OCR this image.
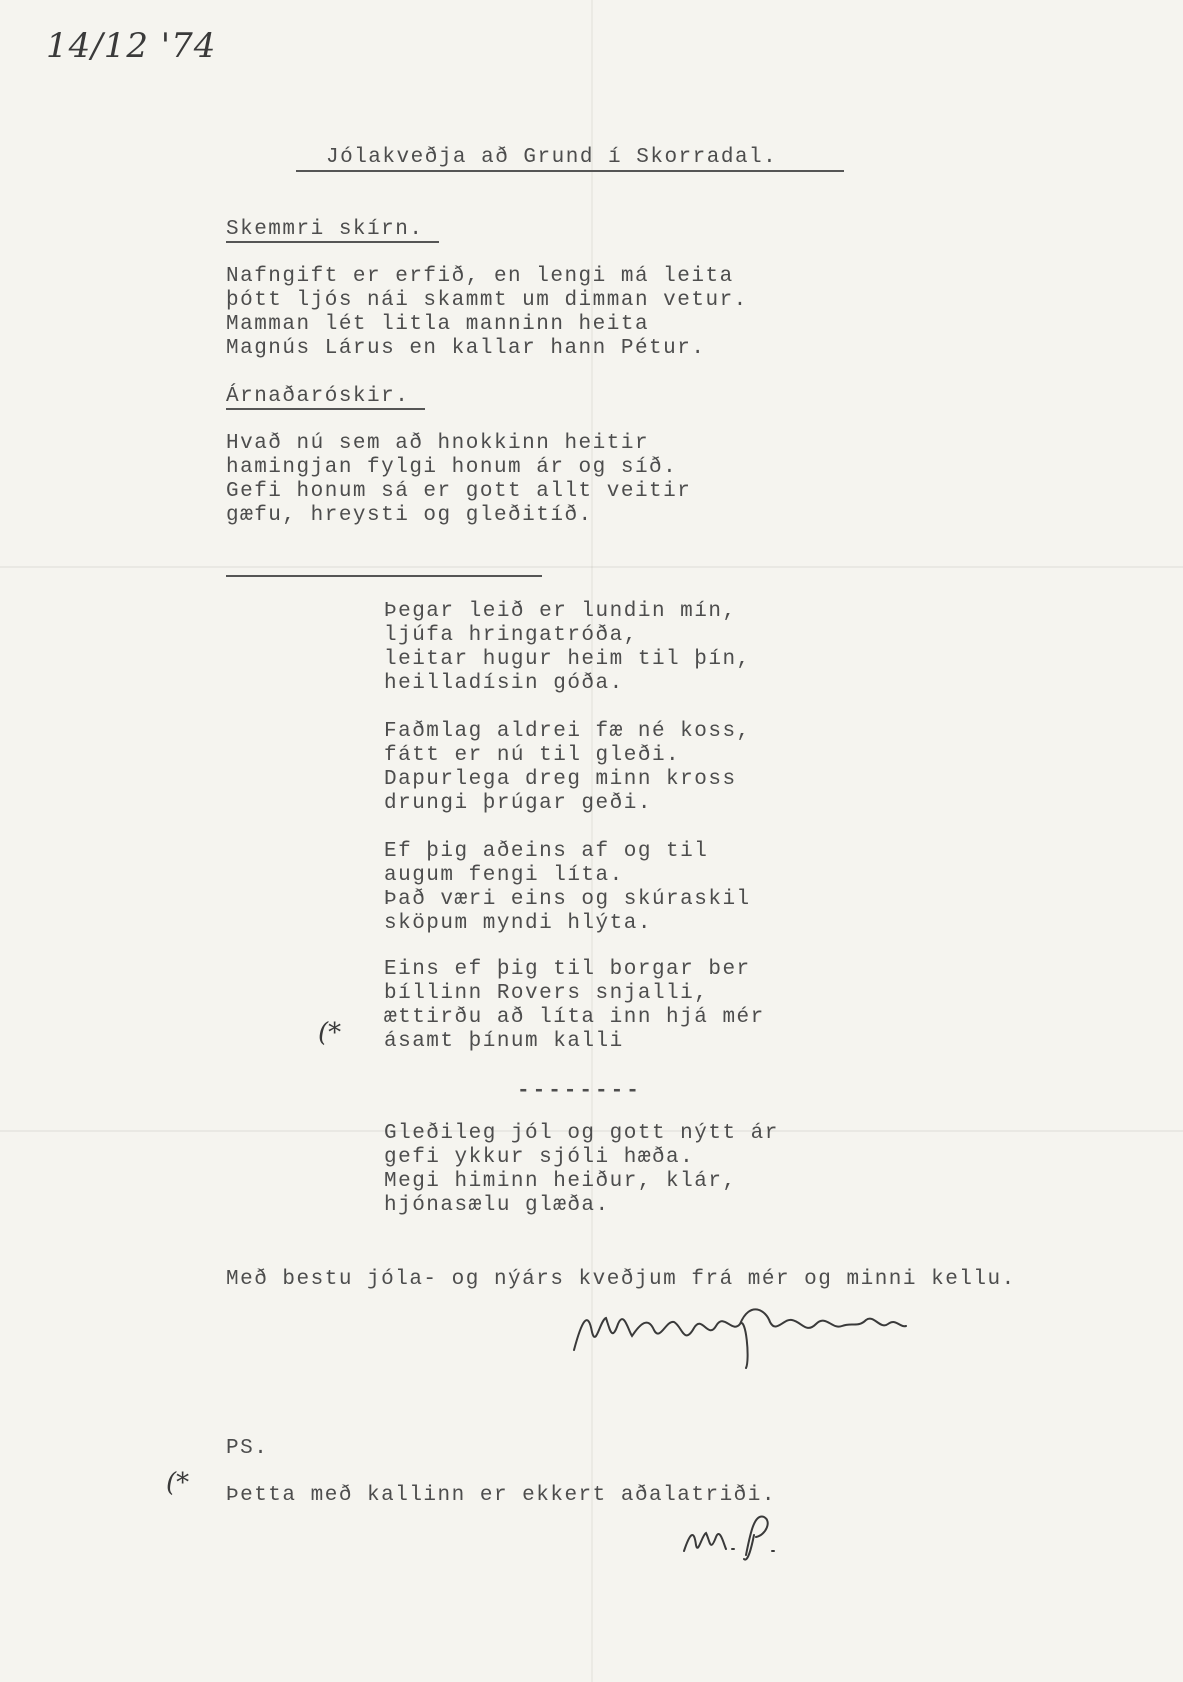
14/12 '74
Jólakveðja að Grund í Skorradal.
Skemmri skírn.
Nafngift er erfið, en lengi má leita
þótt ljós nái skammt um dimman vetur.
Mamman lét litla manninn heita
Magnús Lárus en kallar hann Pétur.
Árnaðaróskir.
Hvað nú sem að hnokkinn heitir
hamingjan fylgi honum ár og síð.
Gefi honum sá er gott allt veitir
gæfu, hreysti og gleðitíð.
Þegar leið er lundin mín,
ljúfa hringatróða,
leitar hugur heim til þín,
heilladísin góða.
Faðmlag aldrei fæ né koss,
fátt er nú til gleði.
Dapurlega dreg minn kross
drungi þrúgar geði.
Ef þig aðeins af og til
augum fengi líta.
Það væri eins og skúraskil
sköpum myndi hlýta.
Eins ef þig til borgar ber
bíllinn Rovers snjalli,
ættirðu að líta inn hjá mér
ásamt þínum kalli
(*
--------
Gleðileg jól og gott nýtt ár
gefi ykkur sjóli hæða.
Megi himinn heiður, klár,
hjónasælu glæða.
Með bestu jóla- og nýárs kveðjum frá mér og minni kellu.
PS.
(* Þetta með kallinn er ekkert aðalatriði.
